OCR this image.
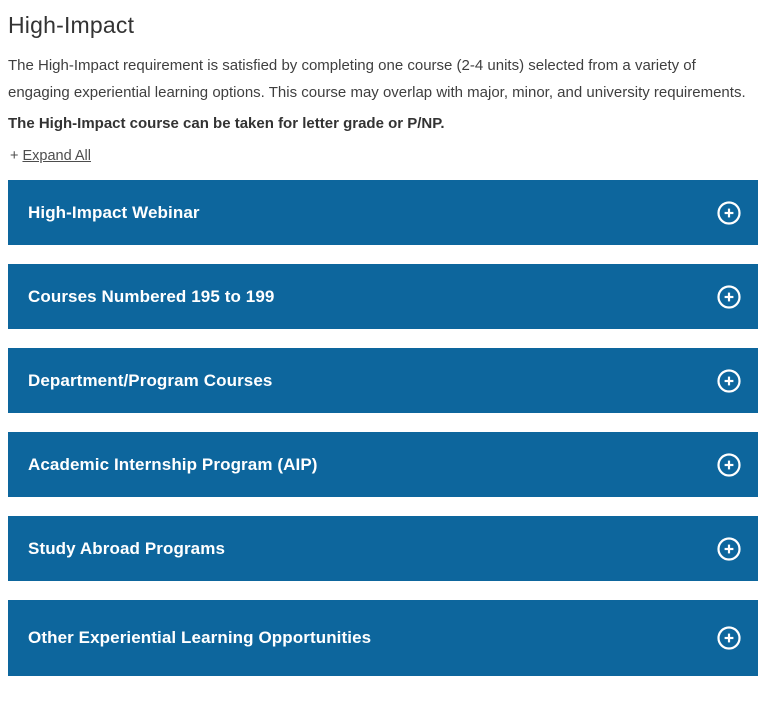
High-Impact

The High-Impact requirement is satisfied by completing one course (2-4 units) selected from a variety of engaging experiential learning options. This course may overlap with major, minor, and university requirements.

The High-Impact course can be taken for letter grade or P/NP.

+ Expand All
High-Impact Webinar
Courses Numbered 195 to 199
Department/Program Courses
Academic Internship Program (AIP)
Study Abroad Programs
Other Experiential Learning Opportunities
